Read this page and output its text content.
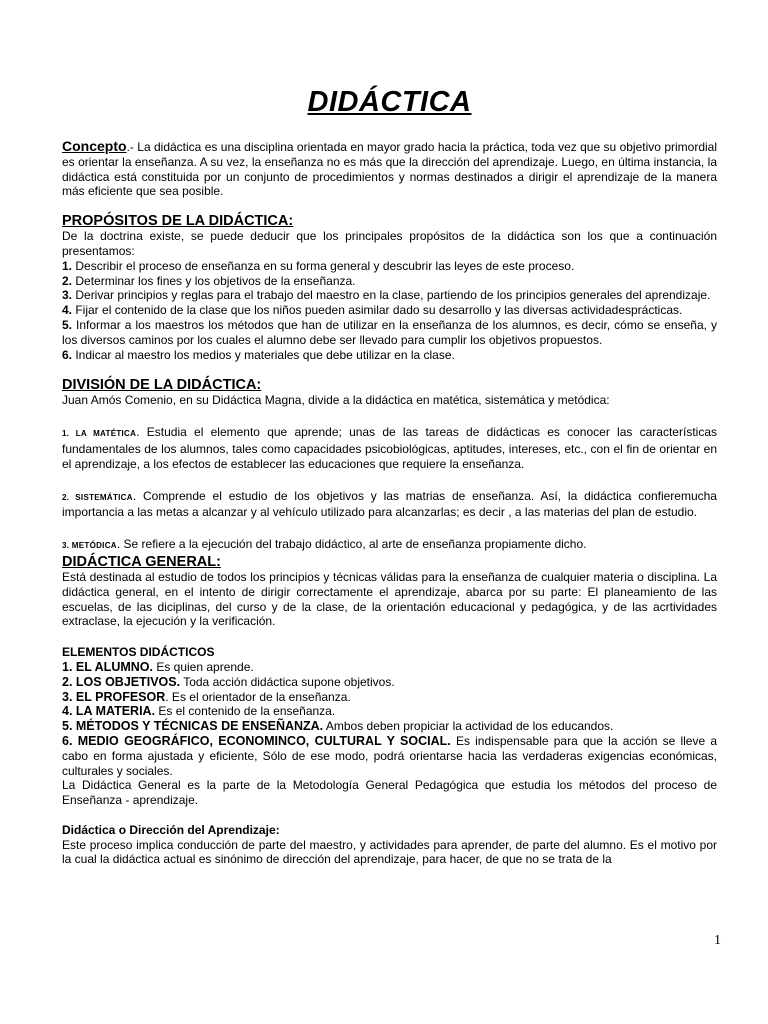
DIDÁCTICA

Concepto.- La didáctica es una disciplina orientada en mayor grado hacia la práctica, toda vez que su objetivo primordial es orientar la enseñanza. A su vez, la enseñanza no es más que la dirección del aprendizaje. Luego, en última instancia, la didáctica está constituida por un conjunto de procedimientos y normas destinados a dirigir el aprendizaje de la manera más eficiente que sea posible.

PROPÓSITOS DE LA DIDÁCTICA:

De la doctrina existe, se puede deducir que los principales propósitos de la didáctica son los que a continuación presentamos:

1. Describir el proceso de enseñanza en su forma general y descubrir las leyes de este proceso.

2. Determinar los fines y los objetivos de la enseñanza.

3. Derivar principios y reglas para el trabajo del maestro en la clase, partiendo de los principios generales del aprendizaje.

4. Fijar el contenido de la clase que los niños pueden asimilar dado su desarrollo y las diversas actividadesprácticas.

5. Informar a los maestros los métodos que han de utilizar en la enseñanza de los alumnos, es decir, cómo se enseña, y los diversos caminos por los cuales el alumno debe ser llevado para cumplir los objetivos propuestos.

6. Indicar al maestro los medios y materiales que debe utilizar en la clase.

DIVISIÓN DE LA DIDÁCTICA:

Juan Amós Comenio, en su Didáctica Magna, divide a la didáctica en matética, sistemática y metódica:

1. LA MATÉTICA. Estudia el elemento que aprende; unas de las tareas de didácticas es conocer las característiсas fundamentales de los alumnos, tales como capacidades psicobiológicas, aptitudes, intereses, etc., con el fin de orientar en el aprendizaje, a los efectos de establecer las educaciones que requiere la enseñanza.

2. SISTEMÁTICA. Comprende el estudio de los objetivos y las matrias de enseñanza. Así, la didáctica confieremucha importancia a las metas a alcanzar y al vehículo utilizado para alcanzarlas; es decir , a las materias del plan de estudio.

3. METÓDICA. Se refiere a la ejecución del trabajo didáctico, al arte de enseñanza propiamente dicho.

DIDÁCTICA GENERAL:

Está destinada al estudio de todos los principios y técnicas válidas para la enseñanza de cualquier materia o disciplina. La didáctica general, en el intento de dirigir correctamente el aprendizaje, abarca por su parte: El planeamiento de las escuelas, de las diciplinas, del curso y de la clase, de la orientación educacional y pedagógica, y de las acrtividades extraclase, la ejecución y la verificación.

ELEMENTOS DIDÁCTICOS

1. EL ALUMNO. Es quien aprende.

2. LOS OBJETIVOS. Toda acción didáctica supone objetivos.

3. EL PROFESOR. Es el orientador de la enseñanza.

4. LA MATERIA. Es el contenido de la enseñanza.

5. MÉTODOS Y TÉCNICAS DE ENSEÑANZA. Ambos deben propiciar la actividad de los educandos.

6. MEDIO GEOGRÁFICO, ECONOMINCO, CULTURAL Y SOCIAL. Es indispensable para que la acción se lleve a cabo en forma ajustada y eficiente, Sólo de ese modo, podrá orientarse hacia las verdaderas exigencias económicas, culturales y sociales.

La Didáctica General es la parte de la Metodología General Pedagógica que estudia los métodos del proceso de Enseñanza - aprendizaje.

Didáctica o Dirección del Aprendizaje:

Este proceso implica conducción de parte del maestro, y actividades para aprender, de parte del alumno. Es el motivo por la cual la didáctica actual es sinónimo de dirección del aprendizaje, para hacer, de que no se trata de la

1
